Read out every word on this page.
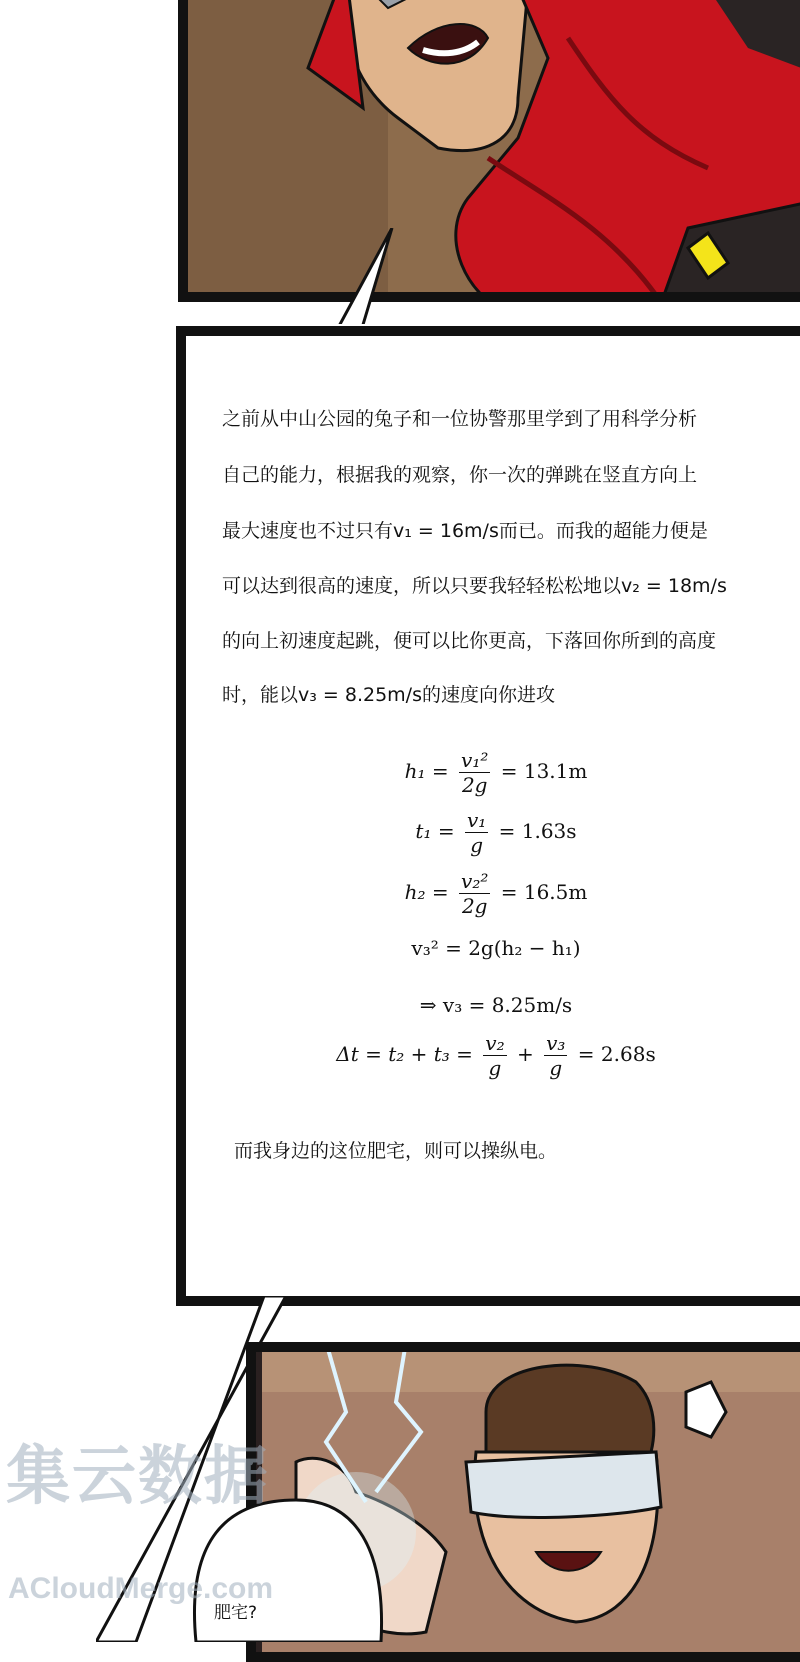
之前从中山公园的兔子和一位协警那里学到了用科学分析
自己的能力，根据我的观察，你一次的弹跳在竖直方向上
最大速度也不过只有v₁ = 16m/s而已。而我的超能力便是
可以达到很高的速度，所以只要我轻轻松松地以v₂ = 18m/s
的向上初速度起跳，便可以比你更高，下落回你所到的高度
时，能以v₃ = 8.25m/s的速度向你进攻
$h_1 = \frac{\text{v₁²}}{2g} = 13.1m$
$t_1 = \frac{\text{v₁}}{g} = 1.63s$
$h_2 = \frac{\text{v₂²}}{2g} = 16.5m$
v₃² = 2g(h₂ − h₁)
⇒ v₃ = 8.25m/s
$\Delta t = t_2 + t_3 = \frac{\text{v₂}}{g} + \frac{\text{v₃}}{g} = 2.68s$
而我身边的这位肥宅，则可以操纵电。
肥宅?
集云数据
ACloudMerge.com
